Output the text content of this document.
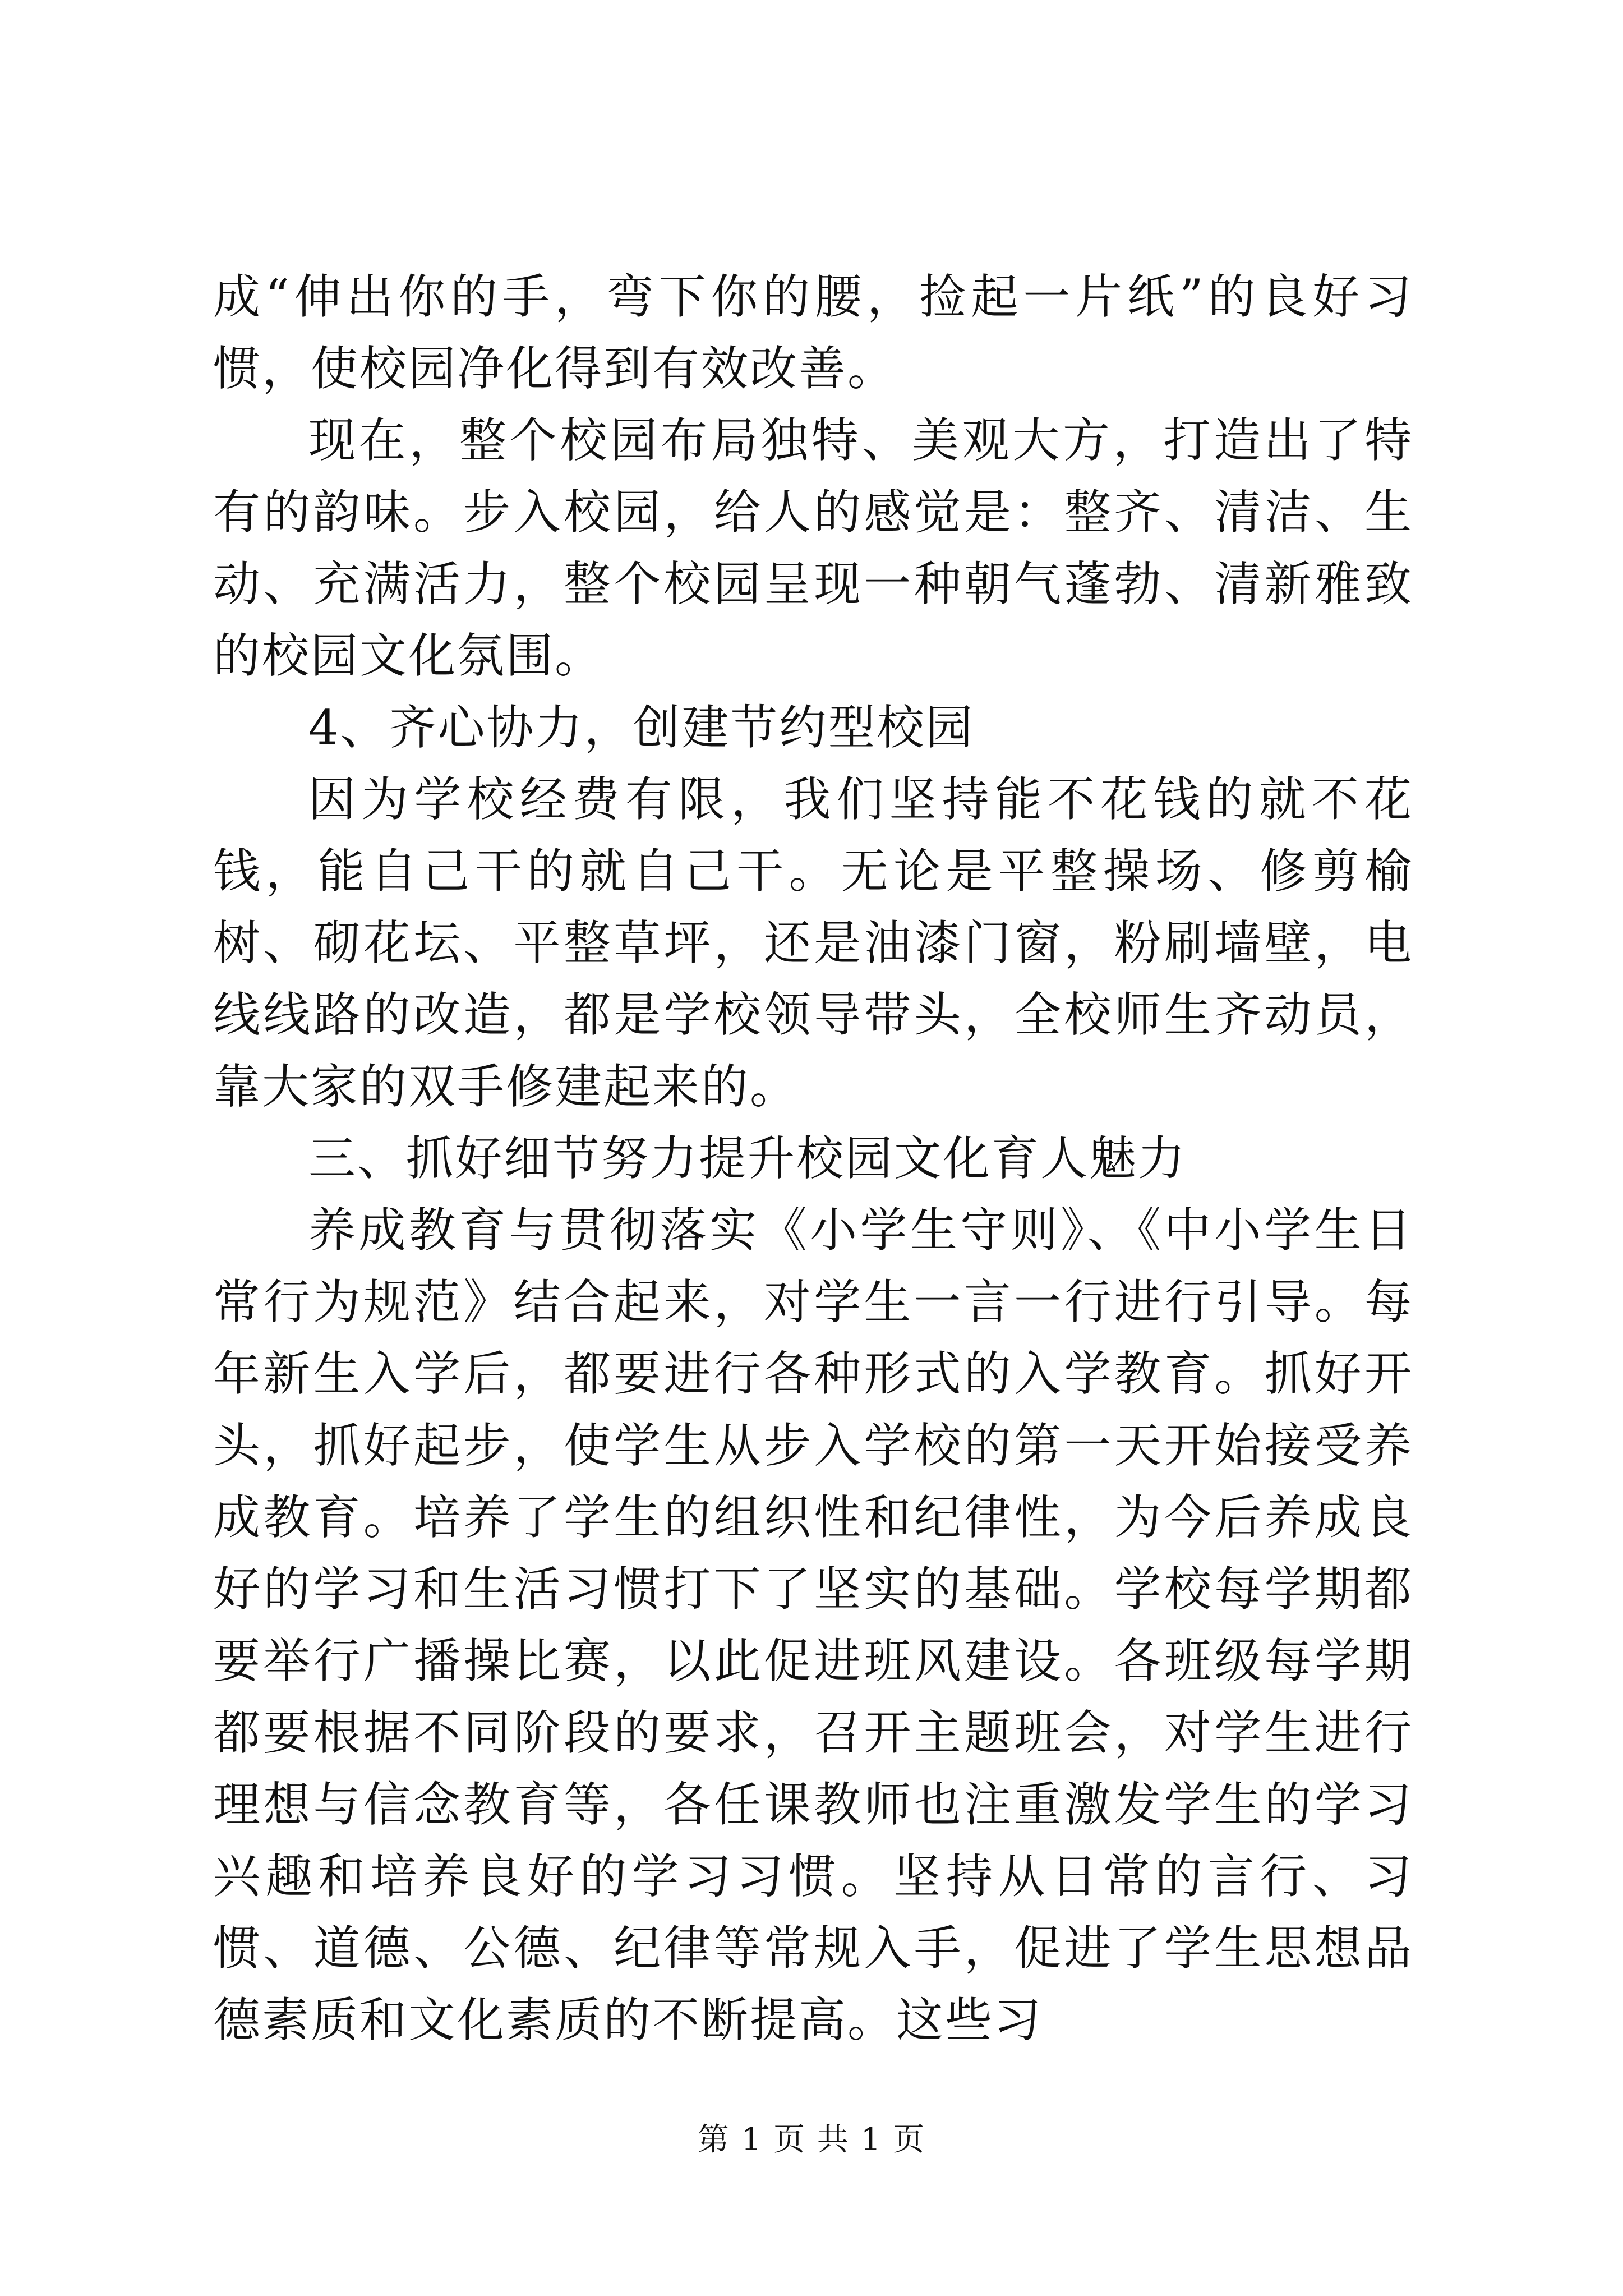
成“伸出你的手，弯下你的腰，捡起一片纸”的良好习惯，使校园净化得到有效改善。

现在，整个校园布局独特、美观大方，打造出了特有的韵味。步入校园，给人的感觉是：整齐、清洁、生动、充满活力，整个校园呈现一种朝气蓬勃、清新雅致的校园文化氛围。

4、齐心协力，创建节约型校园

因为学校经费有限，我们坚持能不花钱的就不花钱，能自己干的就自己干。无论是平整操场、修剪榆树、砌花坛、平整草坪，还是油漆门窗，粉刷墙壁，电线线路的改造，都是学校领导带头，全校师生齐动员，靠大家的双手修建起来的。

三、抓好细节努力提升校园文化育人魅力

养成教育与贯彻落实《小学生守则》、《中小学生日常行为规范》结合起来，对学生一言一行进行引导。每年新生入学后，都要进行各种形式的入学教育。抓好开头，抓好起步，使学生从步入学校的第一天开始接受养成教育。培养了学生的组织性和纪律性，为今后养成良好的学习和生活习惯打下了坚实的基础。学校每学期都要举行广播操比赛，以此促进班风建设。各班级每学期都要根据不同阶段的要求，召开主题班会，对学生进行理想与信念教育等，各任课教师也注重激发学生的学习兴趣和培养良好的学习习惯。坚持从日常的言行、习惯、道德、公德、纪律等常规入手，促进了学生思想品德素质和文化素质的不断提高。这些习

第 1 页 共 1 页
